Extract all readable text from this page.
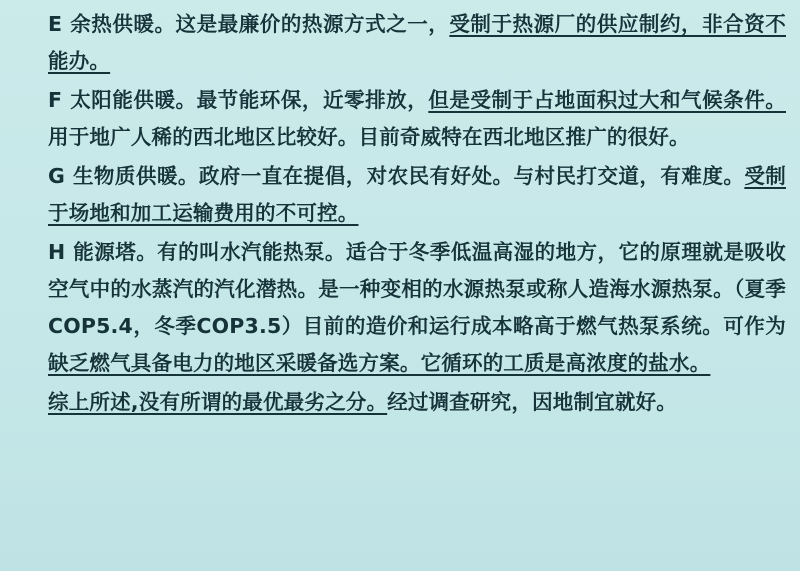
E 余热供暖。这是最廉价的热源方式之一，受制于热源厂的供应制约，非合资不能办。

F 太阳能供暖。最节能环保，近零排放，但是受制于占地面积过大和气候条件。用于地广人稀的西北地区比较好。目前奇威特在西北地区推广的很好。

G 生物质供暖。政府一直在提倡，对农民有好处。与村民打交道，有难度。受制于场地和加工运输费用的不可控。

H 能源塔。有的叫水汽能热泵。适合于冬季低温高湿的地方，它的原理就是吸收空气中的水蒸汽的汽化潜热。是一种变相的水源热泵或称人造海水源热泵。（夏季COP5.4，冬季COP3.5）目前的造价和运行成本略高于燃气热泵系统。可作为缺乏燃气具备电力的地区采暖备选方案。它循环的工质是高浓度的盐水。

综上所述,没有所谓的最优最劣之分。经过调查研究，因地制宜就好。
